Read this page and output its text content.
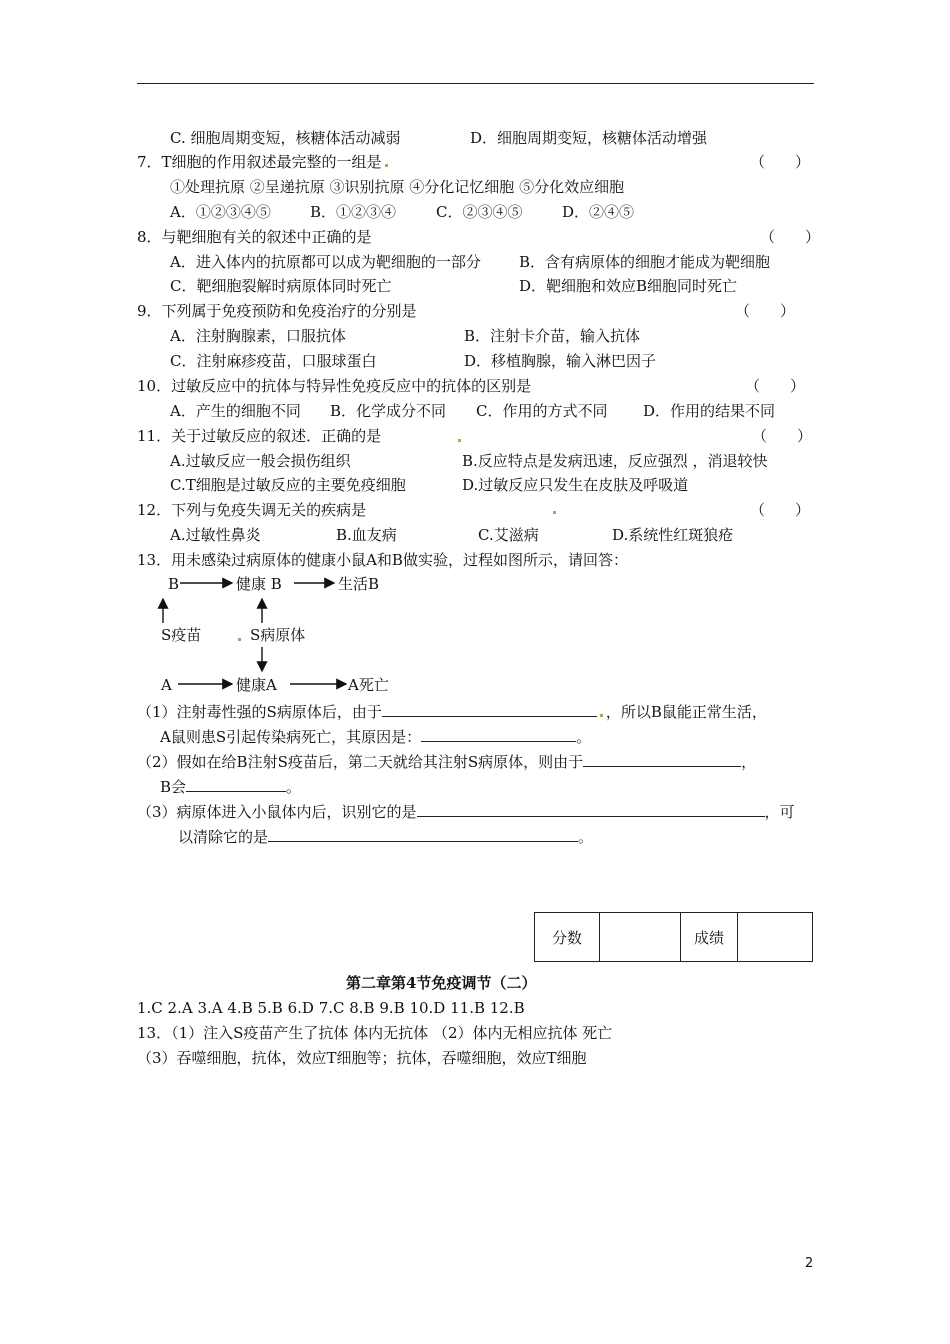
C. 细胞周期变短，核糖体活动减弱	D．细胞周期变短，核糖体活动增强
7．T细胞的作用叙述最完整的一组是	（　　）
①处理抗原 ②呈递抗原 ③识别抗原 ④分化记忆细胞 ⑤分化效应细胞
A．①②③④⑤	B．①②③④	C．②③④⑤	D．②④⑤
8．与靶细胞有关的叙述中正确的是	（　　）
A．进入体内的抗原都可以成为靶细胞的一部分	B．含有病原体的细胞才能成为靶细胞
C．靶细胞裂解时病原体同时死亡	D．靶细胞和效应B细胞同时死亡
9．下列属于免疫预防和免疫治疗的分别是	（　　）
A．注射胸腺素，口服抗体	B．注射卡介苗，输入抗体
C．注射麻疹疫苗，口服球蛋白	D．移植胸腺，输入淋巴因子
10．过敏反应中的抗体与特异性免疫反应中的抗体的区别是	（　　）
A．产生的细胞不同 B．化学成分不同 C．作用的方式不同 D．作用的结果不同
11．关于过敏反应的叙述．正确的是	（　　）
A.过敏反应一般会损伤组织	B.反应特点是发病迅速，反应强烈 ，消退较快
C.T细胞是过敏反应的主要免疫细胞	D.过敏反应只发生在皮肤及呼吸道
12．下列与免疫失调无关的疾病是	（　　）
A.过敏性鼻炎	B.血友病	C.艾滋病	D.系统性红斑狼疮
13．用未感染过病原体的健康小鼠A和B做实验，过程如图所示，请回答：
B	健康 B	生活B
S疫苗	S病原体
A	健康A	A死亡
（1）注射毒性强的S病原体后，由于	，所以B鼠能正常生活，
A鼠则患S引起传染病死亡，其原因是：	。
（2）假如在给B注射S疫苗后，第二天就给其注射S病原体，则由于	，
B会	。
（3）病原体进入小鼠体内后，识别它的是	，可
以清除它的是	。
分数		成绩	
第二章第4节免疫调节（二）
1.C 2.A 3.A 4.B 5.B 6.D 7.C 8.B 9.B 10.D 11.B 12.B
13．（1）注入S疫苗产生了抗体 体内无抗体 （2）体内无相应抗体 死亡
（3）吞噬细胞，抗体，效应T细胞等；抗体，吞噬细胞，效应T细胞
2
